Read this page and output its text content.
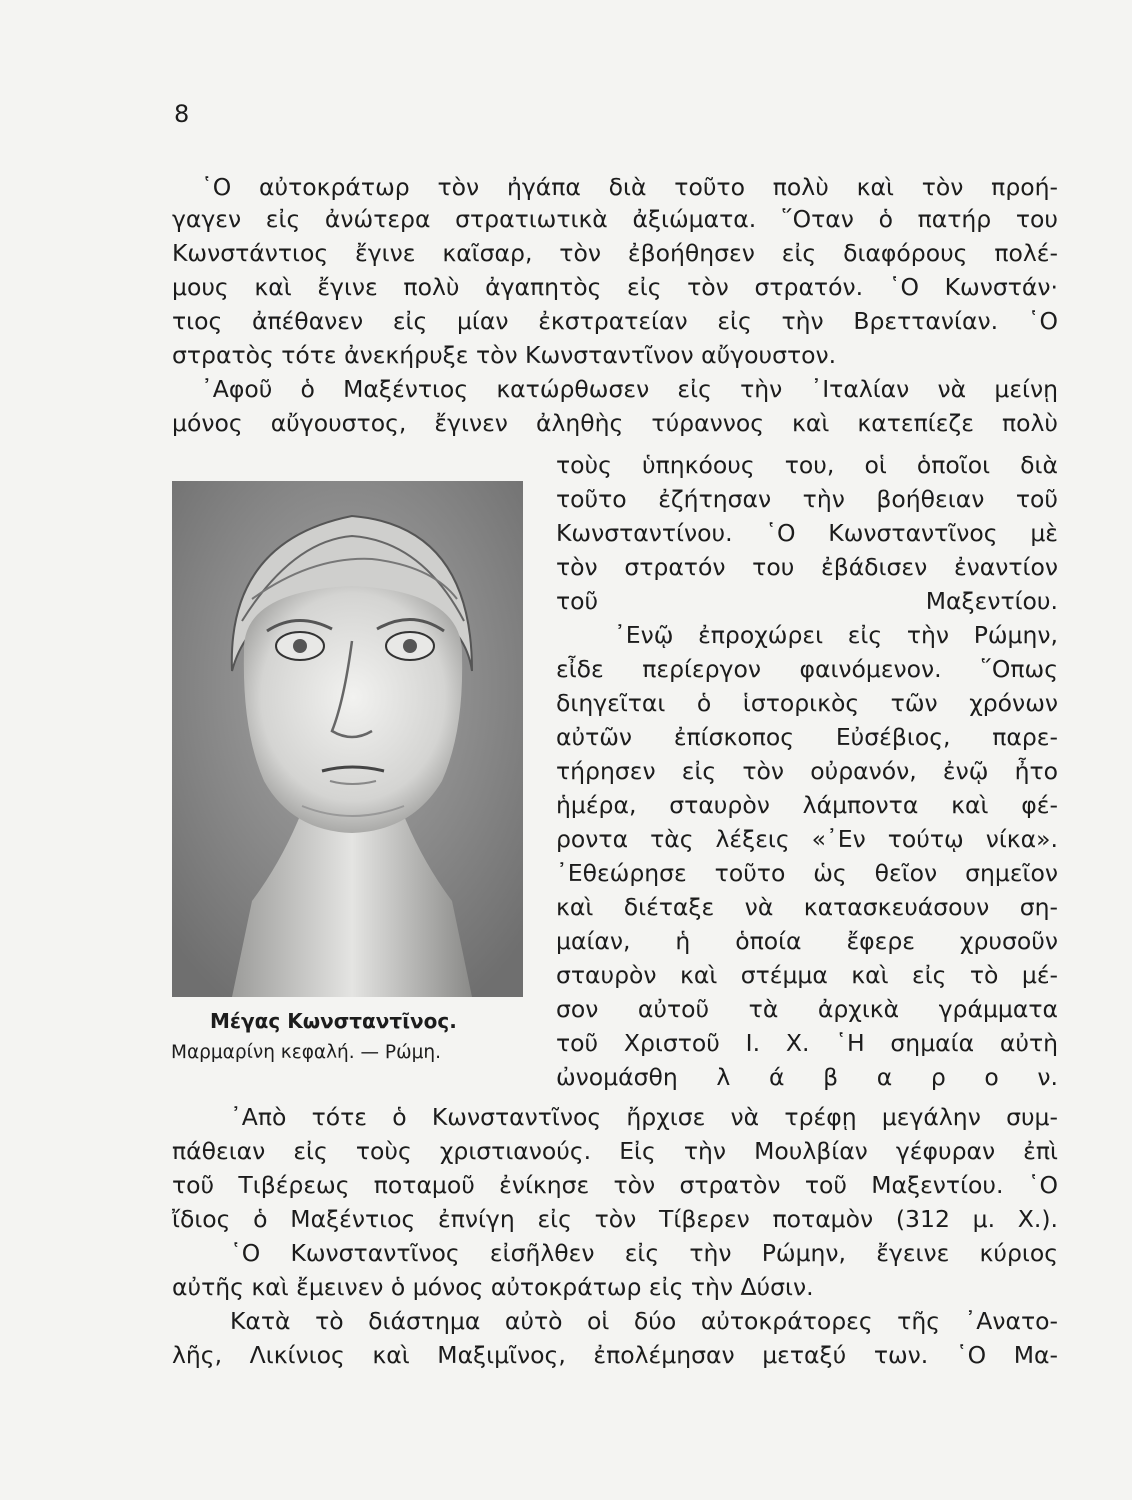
8
῾Ο αὐτοκράτωρ τὸν ἠγάπα διὰ τοῦτο πολὺ καὶ τὸν προή-
γαγεν εἰς ἀνώτερα στρατιωτικὰ ἀξιώματα. ῞Οταν ὁ πατήρ του
Κωνστάντιος ἔγινε καῖσαρ, τὸν ἐβοήθησεν εἰς διαφόρους πολέ-
μους καὶ ἔγινε πολὺ ἀγαπητὸς εἰς τὸν στρατόν. ῾Ο Κωνστάν·
τιος ἀπέθανεν εἰς μίαν ἐκστρατείαν εἰς τὴν Βρεττανίαν. ῾Ο
στρατὸς τότε ἀνεκήρυξε τὸν Κωνσταντῖνον αὔγουστον.
᾿Αφοῦ ὁ Μαξέντιος κατώρθωσεν εἰς τὴν ᾿Ιταλίαν νὰ μείνῃ
μόνος αὔγουστος, ἔγινεν ἀληθὴς τύραννος καὶ κατεπίεζε πολὺ
τοὺς ὑπηκόους του, οἱ ὁποῖοι διὰ
τοῦτο ἐζήτησαν τὴν βοήθειαν τοῦ
Κωνσταντίνου. ῾Ο Κωνσταντῖνος μὲ
τὸν στρατόν του ἐβάδισεν ἐναντίον
τοῦ Μαξεντίου.
᾿Ενῷ ἐπροχώρει εἰς τὴν Ρώμην,
εἶδε περίεργον φαινόμενον. ῞Οπως
διηγεῖται ὁ ἱστορικὸς τῶν χρόνων
αὐτῶν ἐπίσκοπος Εὐσέβιος, παρε-
τήρησεν εἰς τὸν οὐρανόν, ἐνῷ ἦτο
ἡμέρα, σταυρὸν λάμποντα καὶ φέ-
ροντα τὰς λέξεις «᾿Εν τούτῳ νίκα».
᾿Εθεώρησε τοῦτο ὡς θεῖον σημεῖον
καὶ διέταξε νὰ κατασκευάσουν ση-
μαίαν, ἡ ὁποία ἔφερε χρυσοῦν
σταυρὸν καὶ στέμμα καὶ εἰς τὸ μέ-
σον αὐτοῦ τὰ ἀρχικὰ γράμματα
τοῦ Χριστοῦ Ι. Χ. ῾Η σημαία αὐτὴ
ὠνομάσθη λ ά β α ρ ο ν.
Μέγας Κωνσταντῖνος.
Μαρμαρίνη κεφαλή. — Ρώμη.
᾿Απὸ τότε ὁ Κωνσταντῖνος ἤρχισε νὰ τρέφῃ μεγάλην συμ-
πάθειαν εἰς τοὺς χριστιανούς. Εἰς τὴν Μουλβίαν γέφυραν ἐπὶ
τοῦ Τιβέρεως ποταμοῦ ἐνίκησε τὸν στρατὸν τοῦ Μαξεντίου. ῾Ο
ἴδιος ὁ Μαξέντιος ἐπνίγη εἰς τὸν Τίβερεν ποταμὸν (312 μ. Χ.).
῾Ο Κωνσταντῖνος εἰσῆλθεν εἰς τὴν Ρώμην, ἔγεινε κύριος
αὐτῆς καὶ ἔμεινεν ὁ μόνος αὐτοκράτωρ εἰς τὴν Δύσιν.
Κατὰ τὸ διάστημα αὐτὸ οἱ δύο αὐτοκράτορες τῆς ᾿Ανατο-
λῆς, Λικίνιος καὶ Μαξιμῖνος, ἐπολέμησαν μεταξύ των. ῾Ο Μα-
